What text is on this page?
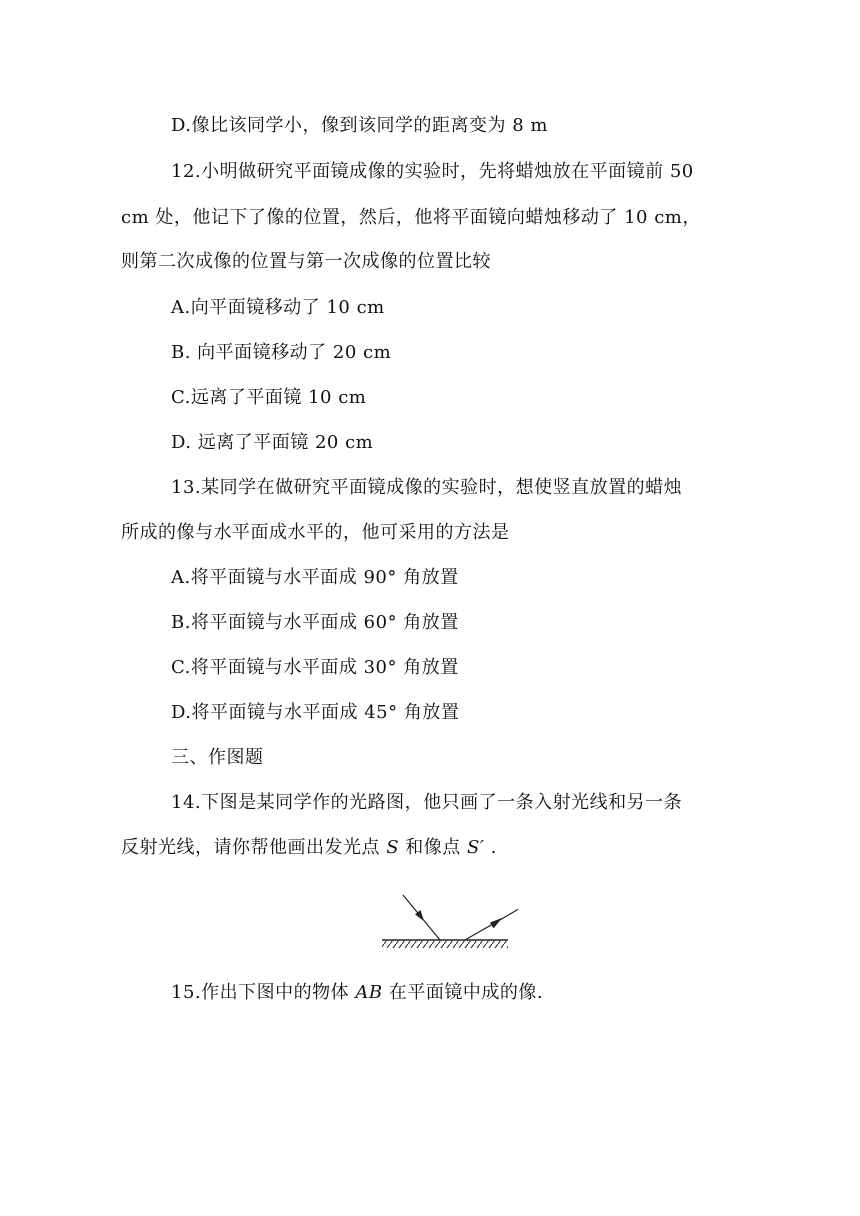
D.像比该同学小，像到该同学的距离变为 8 m
12.小明做研究平面镜成像的实验时，先将蜡烛放在平面镜前 50
cm 处，他记下了像的位置，然后，他将平面镜向蜡烛移动了 10 cm，
则第二次成像的位置与第一次成像的位置比较
A.向平面镜移动了 10 cm
B. 向平面镜移动了 20 cm
C.远离了平面镜 10 cm
D. 远离了平面镜 20 cm
13.某同学在做研究平面镜成像的实验时，想使竖直放置的蜡烛
所成的像与水平面成水平的，他可采用的方法是
A.将平面镜与水平面成 90° 角放置
B.将平面镜与水平面成 60° 角放置
C.将平面镜与水平面成 30° 角放置
D.将平面镜与水平面成 45° 角放置
三、作图题
14.下图是某同学作的光路图，他只画了一条入射光线和另一条
反射光线，请你帮他画出发光点 S 和像点 S′ .
15.作出下图中的物体 AB 在平面镜中成的像.
